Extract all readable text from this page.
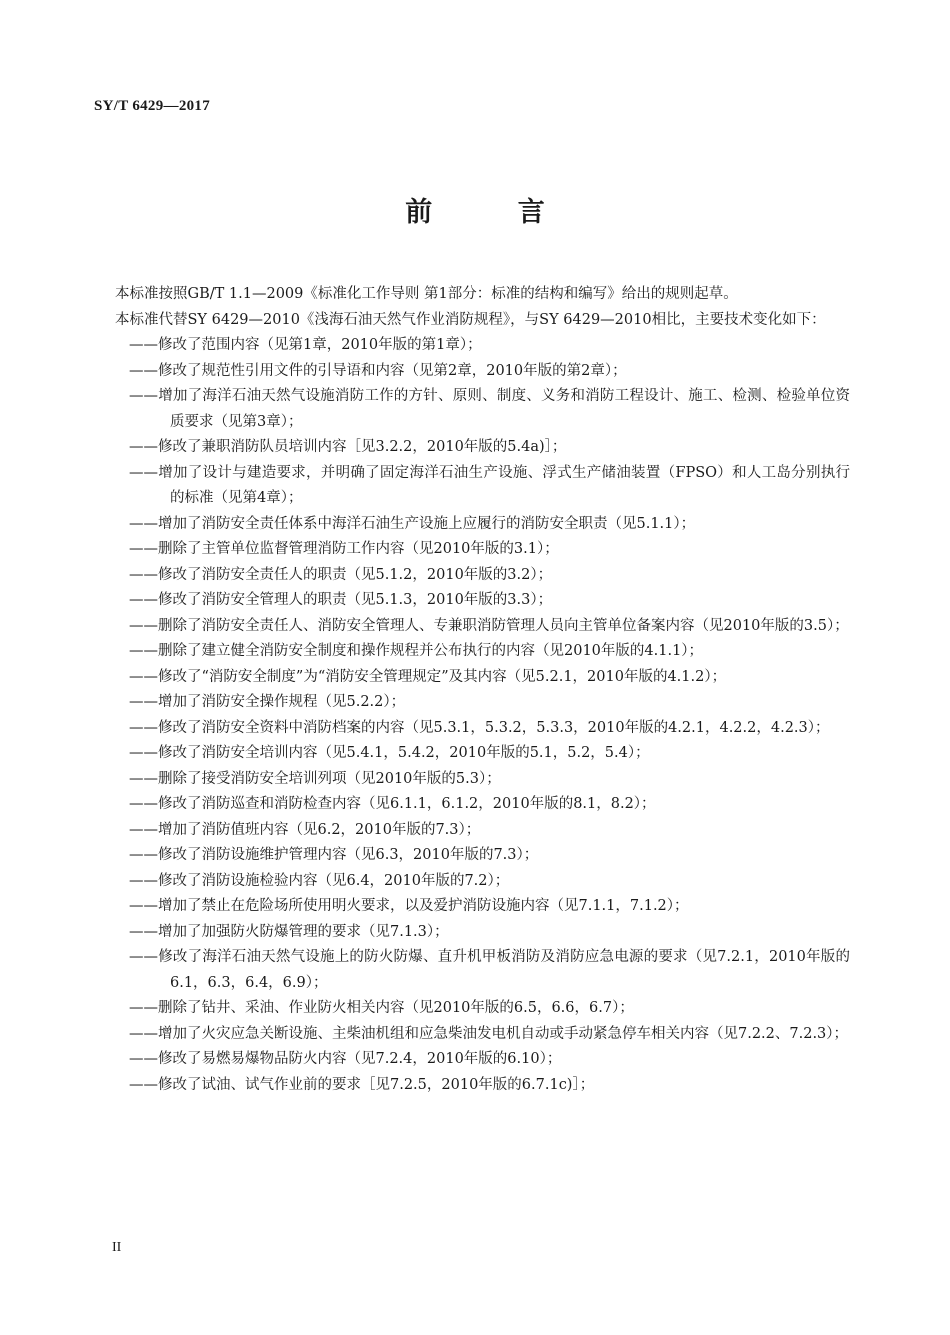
SY/T 6429—2017
前 言

本标准按照GB/T 1.1—2009《标准化工作导则 第1部分：标准的结构和编写》给出的规则起草。

本标准代替SY 6429—2010《浅海石油天然气作业消防规程》，与SY 6429—2010相比，主要技术变化如下：

——修改了范围内容（见第1章，2010年版的第1章）；
——修改了规范性引用文件的引导语和内容（见第2章，2010年版的第2章）；
——增加了海洋石油天然气设施消防工作的方针、原则、制度、义务和消防工程设计、施工、检测、检验单位资质要求（见第3章）；
——修改了兼职消防队员培训内容［见3.2.2，2010年版的5.4a)］；
——增加了设计与建造要求，并明确了固定海洋石油生产设施、浮式生产储油装置（FPSO）和人工岛分别执行的标准（见第4章）；
——增加了消防安全责任体系中海洋石油生产设施上应履行的消防安全职责（见5.1.1）；
——删除了主管单位监督管理消防工作内容（见2010年版的3.1）；
——修改了消防安全责任人的职责（见5.1.2，2010年版的3.2）；
——修改了消防安全管理人的职责（见5.1.3，2010年版的3.3）；
——删除了消防安全责任人、消防安全管理人、专兼职消防管理人员向主管单位备案内容（见2010年版的3.5）；
——删除了建立健全消防安全制度和操作规程并公布执行的内容（见2010年版的4.1.1）；
——修改了“消防安全制度”为“消防安全管理规定”及其内容（见5.2.1，2010年版的4.1.2）；
——增加了消防安全操作规程（见5.2.2）；
——修改了消防安全资料中消防档案的内容（见5.3.1，5.3.2，5.3.3，2010年版的4.2.1，4.2.2，4.2.3）；
——修改了消防安全培训内容（见5.4.1，5.4.2，2010年版的5.1，5.2，5.4）；
——删除了接受消防安全培训列项（见2010年版的5.3）；
——修改了消防巡查和消防检查内容（见6.1.1，6.1.2，2010年版的8.1，8.2）；
——增加了消防值班内容（见6.2，2010年版的7.3）；
——修改了消防设施维护管理内容（见6.3，2010年版的7.3）；
——修改了消防设施检验内容（见6.4，2010年版的7.2）；
——增加了禁止在危险场所使用明火要求，以及爱护消防设施内容（见7.1.1，7.1.2）；
——增加了加强防火防爆管理的要求（见7.1.3）；
——修改了海洋石油天然气设施上的防火防爆、直升机甲板消防及消防应急电源的要求（见7.2.1，2010年版的6.1，6.3，6.4，6.9）；
——删除了钻井、采油、作业防火相关内容（见2010年版的6.5，6.6，6.7）；
——增加了火灾应急关断设施、主柴油机组和应急柴油发电机自动或手动紧急停车相关内容（见7.2.2、7.2.3）；
——修改了易燃易爆物品防火内容（见7.2.4，2010年版的6.10）；
——修改了试油、试气作业前的要求［见7.2.5，2010年版的6.7.1c)］；
II
